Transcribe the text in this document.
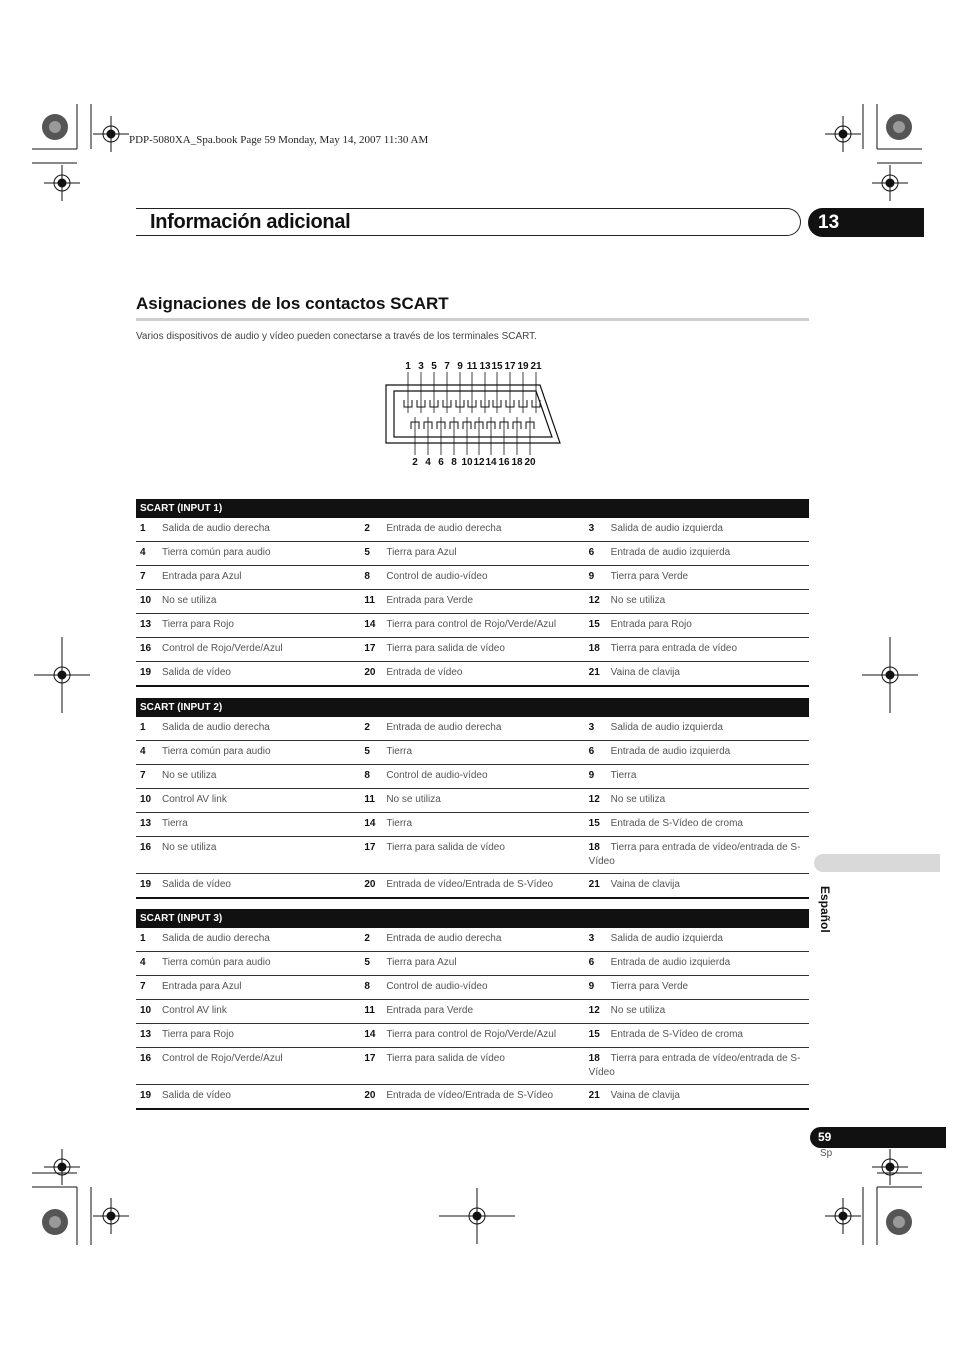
PDP-5080XA_Spa.book Page 59 Monday, May 14, 2007 11:30 AM
Información adicional	13
Asignaciones de los contactos SCART
Varios dispositivos de audio y vídeo pueden conectarse a través de los terminales SCART.
1 3 5 7 9 11 13 15 17 19 21
2 4 6 8 10 12 14 16 18 20
SCART (INPUT 1)		
1 Salida de audio derecha	2 Entrada de audio derecha	3 Salida de audio izquierda
4 Tierra común para audio	5 Tierra para Azul	6 Entrada de audio izquierda
7 Entrada para Azul	8 Control de audio-vídeo	9 Tierra para Verde
10 No se utiliza	11 Entrada para Verde	12 No se utiliza
13 Tierra para Rojo	14 Tierra para control de Rojo/Verde/Azul	15 Entrada para Rojo
16 Control de Rojo/Verde/Azul	17 Tierra para salida de vídeo	18 Tierra para entrada de vídeo
19 Salida de vídeo	20 Entrada de vídeo	21 Vaina de clavija
SCART (INPUT 2)		
1 Salida de audio derecha	2 Entrada de audio derecha	3 Salida de audio izquierda
4 Tierra común para audio	5 Tierra	6 Entrada de audio izquierda
7 No se utiliza	8 Control de audio-vídeo	9 Tierra
10 Control AV link	11 No se utiliza	12 No se utiliza
13 Tierra	14 Tierra	15 Entrada de S-Vídeo de croma
16 No se utiliza	17 Tierra para salida de vídeo	18 Tierra para entrada de vídeo/entrada de S-Vídeo
19 Salida de vídeo	20 Entrada de vídeo/Entrada de S-Vídeo	21 Vaina de clavija
SCART (INPUT 3)		
1 Salida de audio derecha	2 Entrada de audio derecha	3 Salida de audio izquierda
4 Tierra común para audio	5 Tierra para Azul	6 Entrada de audio izquierda
7 Entrada para Azul	8 Control de audio-vídeo	9 Tierra para Verde
10 Control AV link	11 Entrada para Verde	12 No se utiliza
13 Tierra para Rojo	14 Tierra para control de Rojo/Verde/Azul	15 Entrada de S-Vídeo de croma
16 Control de Rojo/Verde/Azul	17 Tierra para salida de vídeo	18 Tierra para entrada de vídeo/entrada de S-Vídeo
19 Salida de vídeo	20 Entrada de vídeo/Entrada de S-Vídeo	21 Vaina de clavija
Español
59
Sp
